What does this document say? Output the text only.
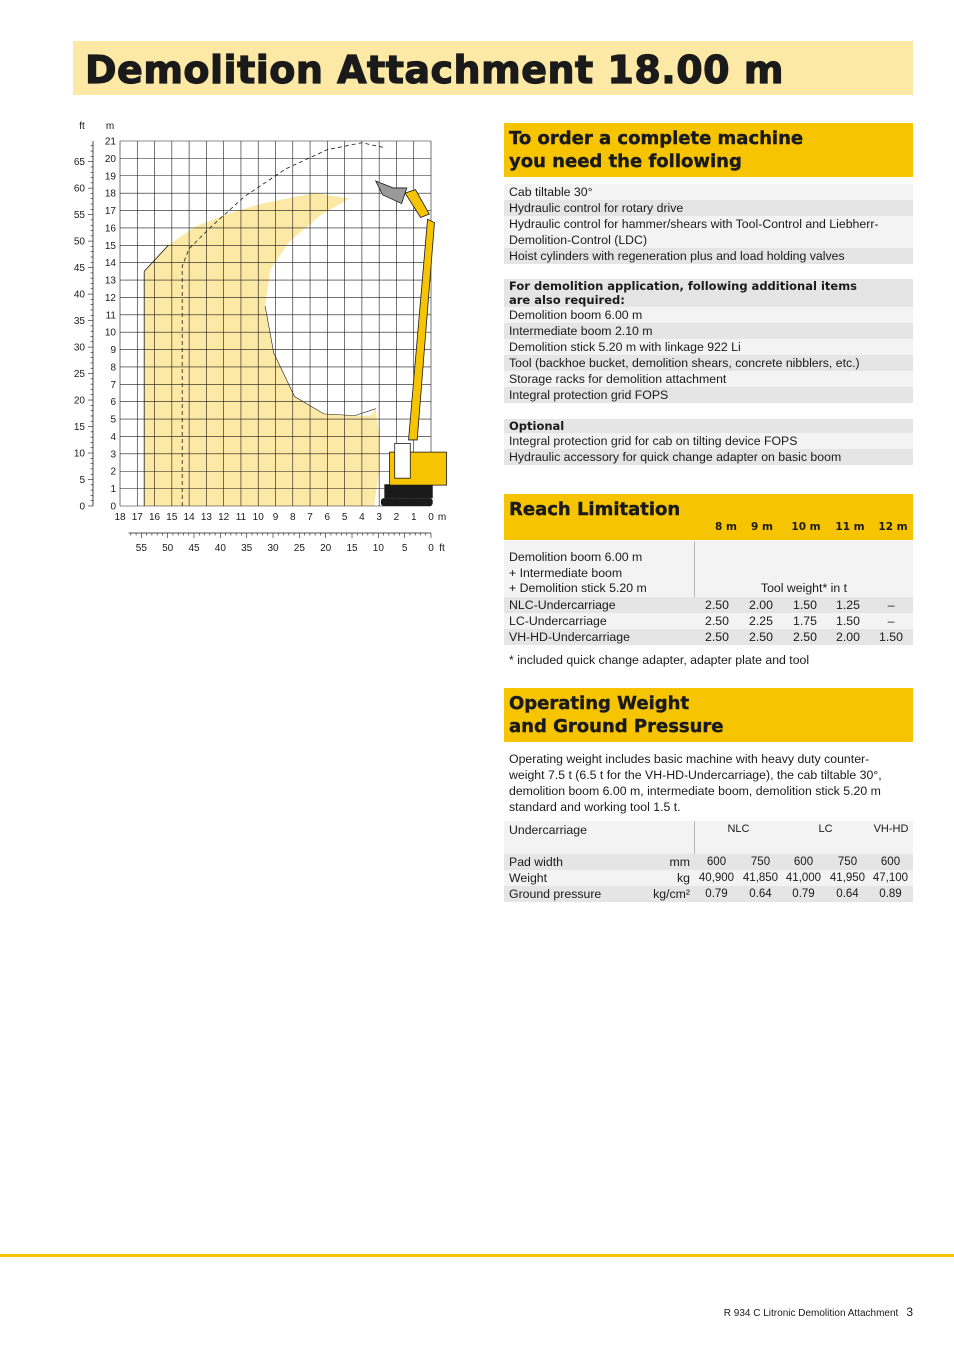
Demolition Attachment 18.00 m
21
20
19
18
17
16
15
14
13
12
11
10
9
8
7
6
5
4
3
2
1
0
m
ft
65
60
55
50
45
40
35
30
25
20
15
10
5
0
18 17 16 15 14 13 12 11 10 9 8 7 6 5 4 3 2 1 0 m
55 50 45 40 35 30 25 20 15 10 5 0 ft
To order a complete machine
you need the following
Cab tiltable 30°
Hydraulic control for rotary drive
Hydraulic control for hammer/shears with Tool-Control and Liebherr-
Demolition-Control (LDC)
Hoist cylinders with regeneration plus and load holding valves
For demolition application, following additional items
are also required:
Demolition boom 6.00 m
Intermediate boom 2.10 m
Demolition stick 5.20 m with linkage 922 Li
Tool (backhoe bucket, demolition shears, concrete nibblers, etc.)
Storage racks for demolition attachment
Integral protection grid FOPS
Optional
Integral protection grid for cab on tilting device FOPS
Hydraulic accessory for quick change adapter on basic boom
Reach Limitation
8 m	9 m	10 m	11 m	12 m
Demolition boom 6.00 m
+ Intermediate boom
+ Demolition stick 5.20 m	Tool weight* in t
NLC-Undercarriage	2.50	2.00	1.50	1.25	–
LC-Undercarriage	2.50	2.25	1.75	1.50	–
VH-HD-Undercarriage	2.50	2.50	2.50	2.00	1.50
* included quick change adapter, adapter plate and tool
Operating Weight
and Ground Pressure
Operating weight includes basic machine with heavy duty counter-
weight 7.5 t (6.5 t for the VH-HD-Undercarriage), the cab tiltable 30°,
demolition boom 6.00 m, intermediate boom, demolition stick 5.20 m
standard and working tool 1.5 t.
Undercarriage	NLC	LC	VH-HD
Pad width	mm	600	750	600	750	600
Weight	kg 40,900 41,850 41,000 41,950 47,100
Ground pressure	kg/cm²	0.79	0.64	0.79	0.64	0.89
R 934 C Litronic Demolition Attachment 3
